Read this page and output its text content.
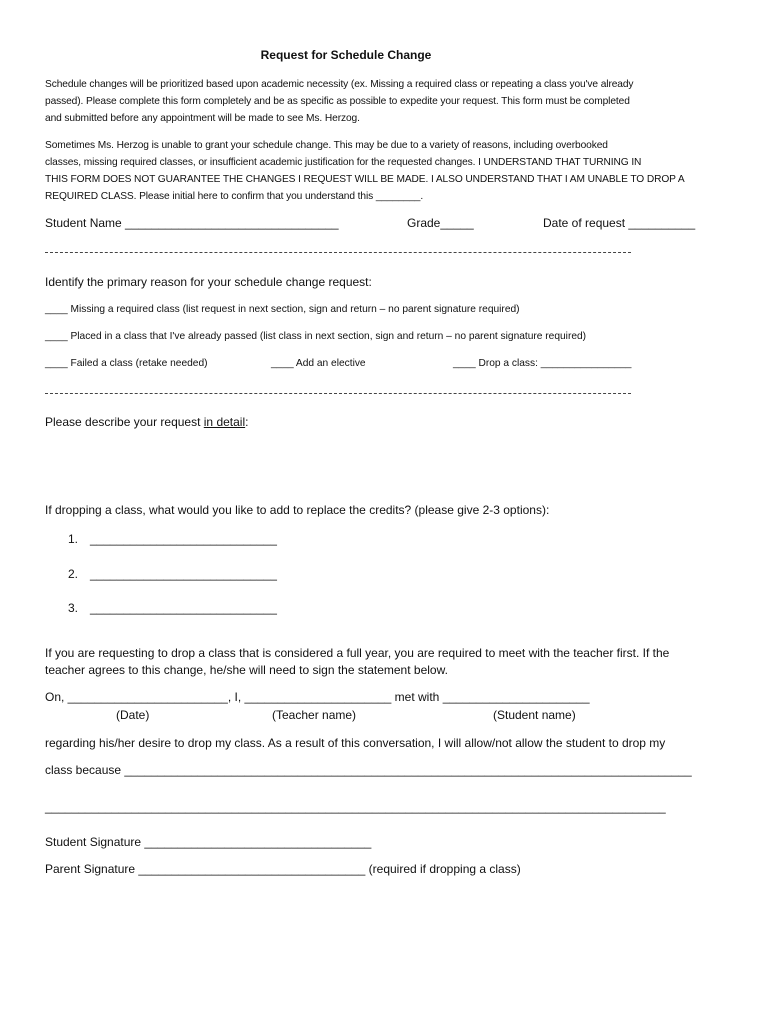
Request for Schedule Change
Schedule changes will be prioritized based upon academic necessity (ex. Missing a required class or repeating a class you've already
passed). Please complete this form completely and be as specific as possible to expedite your request. This form must be completed
and submitted before any appointment will be made to see Ms. Herzog.
Sometimes Ms. Herzog is unable to grant your schedule change. This may be due to a variety of reasons, including overbooked
classes, missing required classes, or insufficient academic justification for the requested changes. I UNDERSTAND THAT TURNING IN
THIS FORM DOES NOT GUARANTEE THE CHANGES I REQUEST WILL BE MADE. I ALSO UNDERSTAND THAT I AM UNABLE TO DROP A
REQUIRED CLASS. Please initial here to confirm that you understand this ________.
Student Name ________________________________	Grade_____	Date of request __________
Identify the primary reason for your schedule change request:
____ Missing a required class (list request in next section, sign and return – no parent signature required)
____ Placed in a class that I've already passed (list class in next section, sign and return – no parent signature required)
____ Failed a class (retake needed)	____ Add an elective	____ Drop a class: ________________
Please describe your request in detail:
If dropping a class, what would you like to add to replace the credits? (please give 2-3 options):
1. ____________________________
2. ____________________________
3. ____________________________
If you are requesting to drop a class that is considered a full year, you are required to meet with the teacher first. If the
teacher agrees to this change, he/she will need to sign the statement below.
On, ________________________, I, ______________________ met with ______________________
(Date)	(Teacher name)	(Student name)
regarding his/her desire to drop my class. As a result of this conversation, I will allow/not allow the student to drop my
class because _____________________________________________________________________________________
_____________________________________________________________________________________________
Student Signature __________________________________
Parent Signature __________________________________ (required if dropping a class)
